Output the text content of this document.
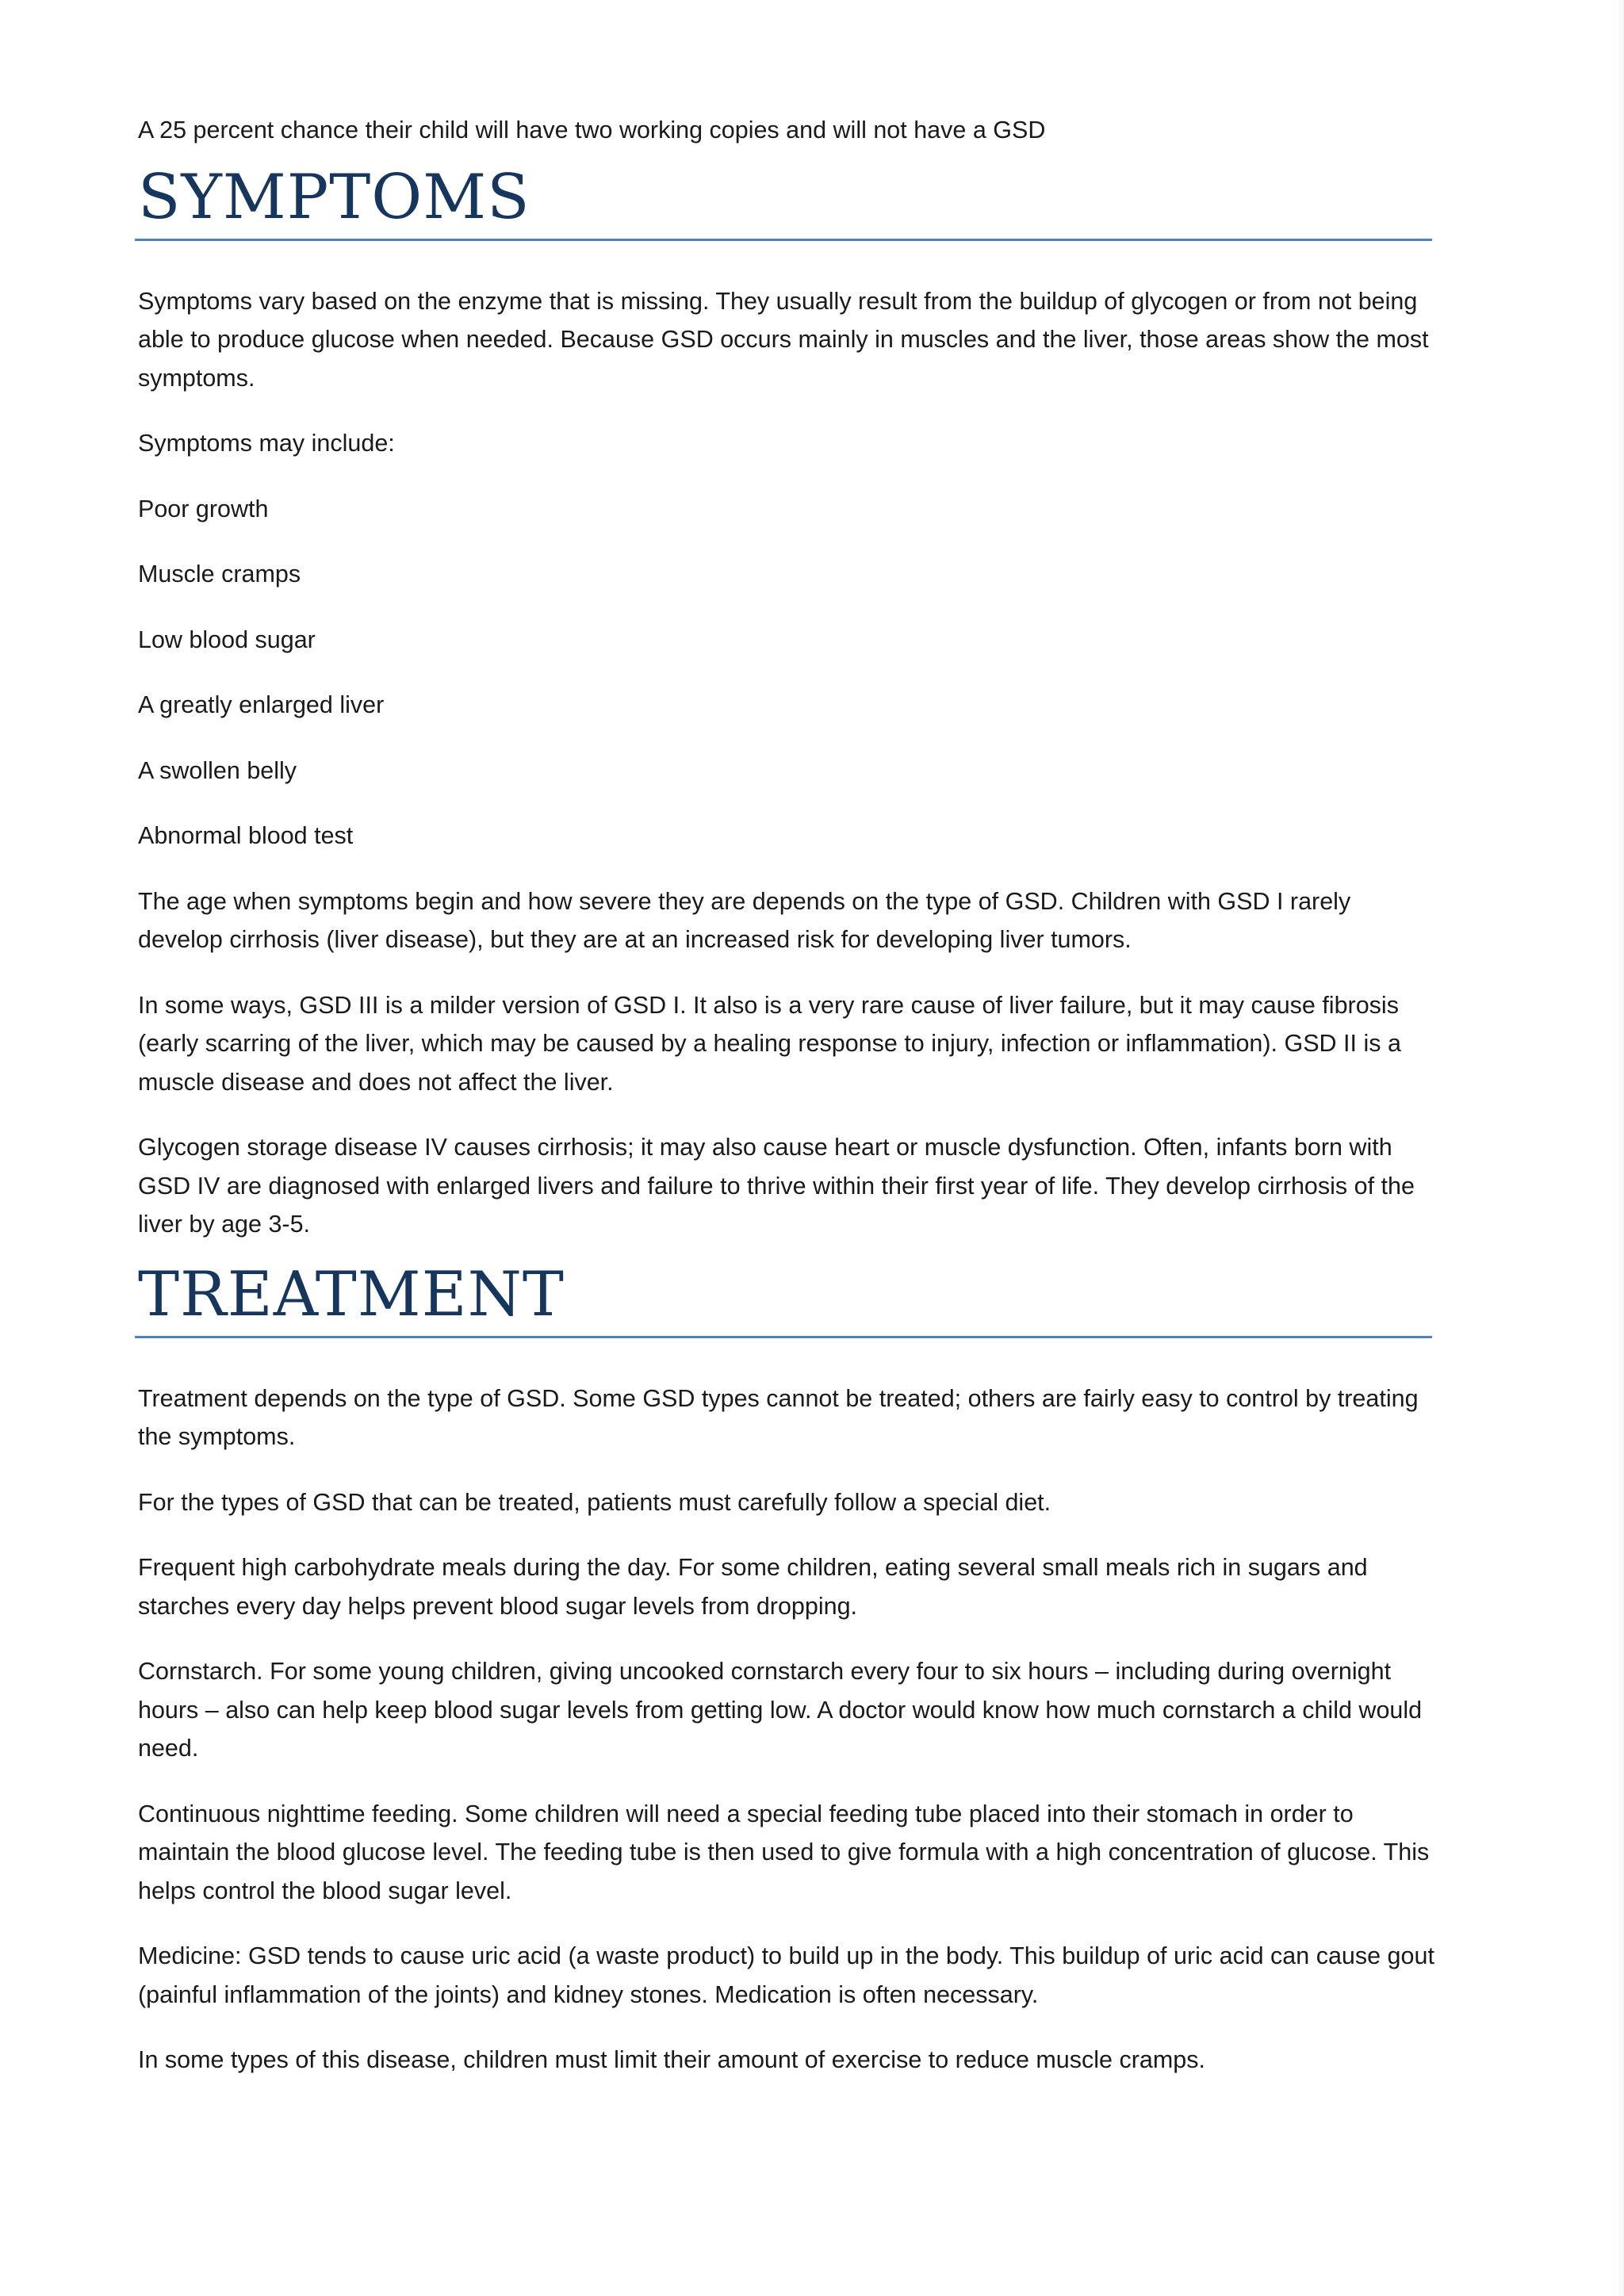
A 25 percent chance their child will have two working copies and will not have a GSD

SYMPTOMS

Symptoms vary based on the enzyme that is missing. They usually result from the buildup of glycogen or from not being able to produce glucose when needed. Because GSD occurs mainly in muscles and the liver, those areas show the most symptoms.

Symptoms may include:

Poor growth

Muscle cramps

Low blood sugar

A greatly enlarged liver

A swollen belly

Abnormal blood test

The age when symptoms begin and how severe they are depends on the type of GSD. Children with GSD I rarely develop cirrhosis (liver disease), but they are at an increased risk for developing liver tumors.

In some ways, GSD III is a milder version of GSD I. It also is a very rare cause of liver failure, but it may cause fibrosis (early scarring of the liver, which may be caused by a healing response to injury, infection or inflammation). GSD II is a muscle disease and does not affect the liver.

Glycogen storage disease IV causes cirrhosis; it may also cause heart or muscle dysfunction. Often, infants born with GSD IV are diagnosed with enlarged livers and failure to thrive within their first year of life. They develop cirrhosis of the liver by age 3-5.

TREATMENT

Treatment depends on the type of GSD. Some GSD types cannot be treated; others are fairly easy to control by treating the symptoms.

For the types of GSD that can be treated, patients must carefully follow a special diet.

Frequent high carbohydrate meals during the day. For some children, eating several small meals rich in sugars and starches every day helps prevent blood sugar levels from dropping.

Cornstarch. For some young children, giving uncooked cornstarch every four to six hours – including during overnight hours – also can help keep blood sugar levels from getting low. A doctor would know how much cornstarch a child would need.

Continuous nighttime feeding. Some children will need a special feeding tube placed into their stomach in order to maintain the blood glucose level. The feeding tube is then used to give formula with a high concentration of glucose. This helps control the blood sugar level.

Medicine: GSD tends to cause uric acid (a waste product) to build up in the body. This buildup of uric acid can cause gout (painful inflammation of the joints) and kidney stones. Medication is often necessary.

In some types of this disease, children must limit their amount of exercise to reduce muscle cramps.
